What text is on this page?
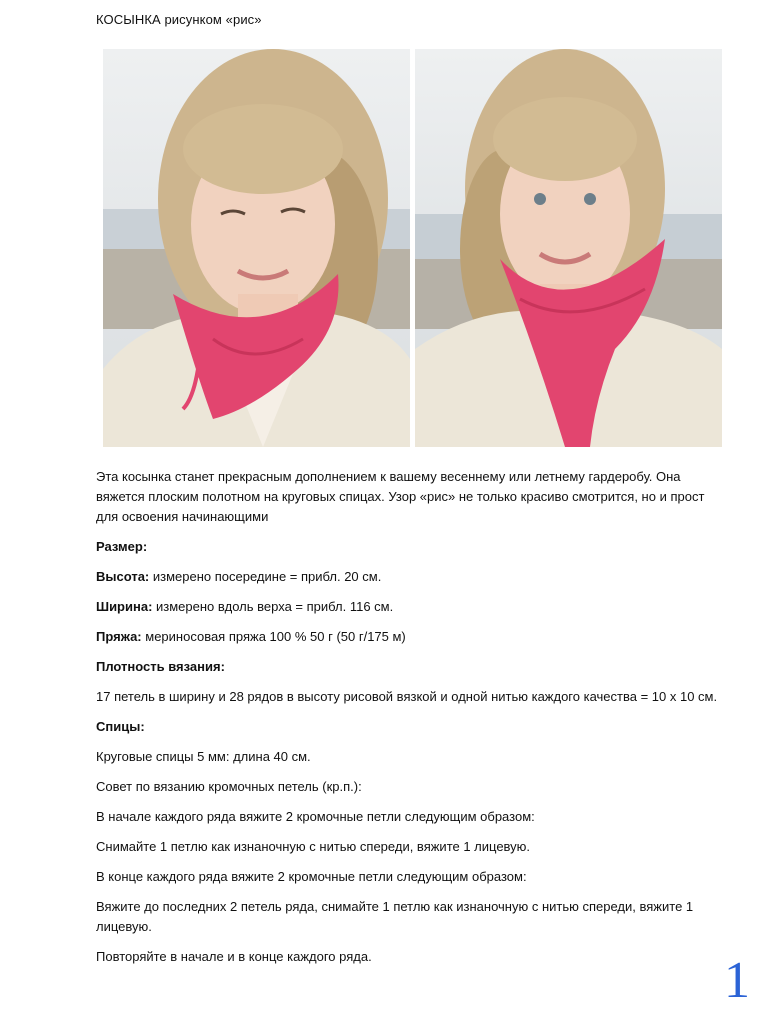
КОСЫНКА рисунком «рис»

Эта косынка станет прекрасным дополнением к вашему весеннему или летнему гардеробу. Она вяжется плоским полотном на круговых спицах. Узор «рис» не только красиво смотрится, но и прост для освоения начинающими

Размер:

Высота: измерено посередине = прибл. 20 см.

Ширина: измерено вдоль верха = прибл. 116 см.

Пряжа: мериносовая пряжа 100 % 50 г (50 г/175 м)

Плотность вязания:

17 петель в ширину и 28 рядов в высоту рисовой вязкой и одной нитью каждого качества = 10 х 10 см.

Спицы:

Круговые спицы 5 мм: длина 40 см.

Совет по вязанию кромочных петель (кр.п.):

В начале каждого ряда вяжите 2 кромочные петли следующим образом:

Снимайте 1 петлю как изнаночную с нитью спереди, вяжите 1 лицевую.

В конце каждого ряда вяжите 2 кромочные петли следующим образом:

Вяжите до последних 2 петель ряда, снимайте 1 петлю как изнаночную с нитью спереди, вяжите 1 лицевую.

Повторяйте в начале и в конце каждого ряда.	1
